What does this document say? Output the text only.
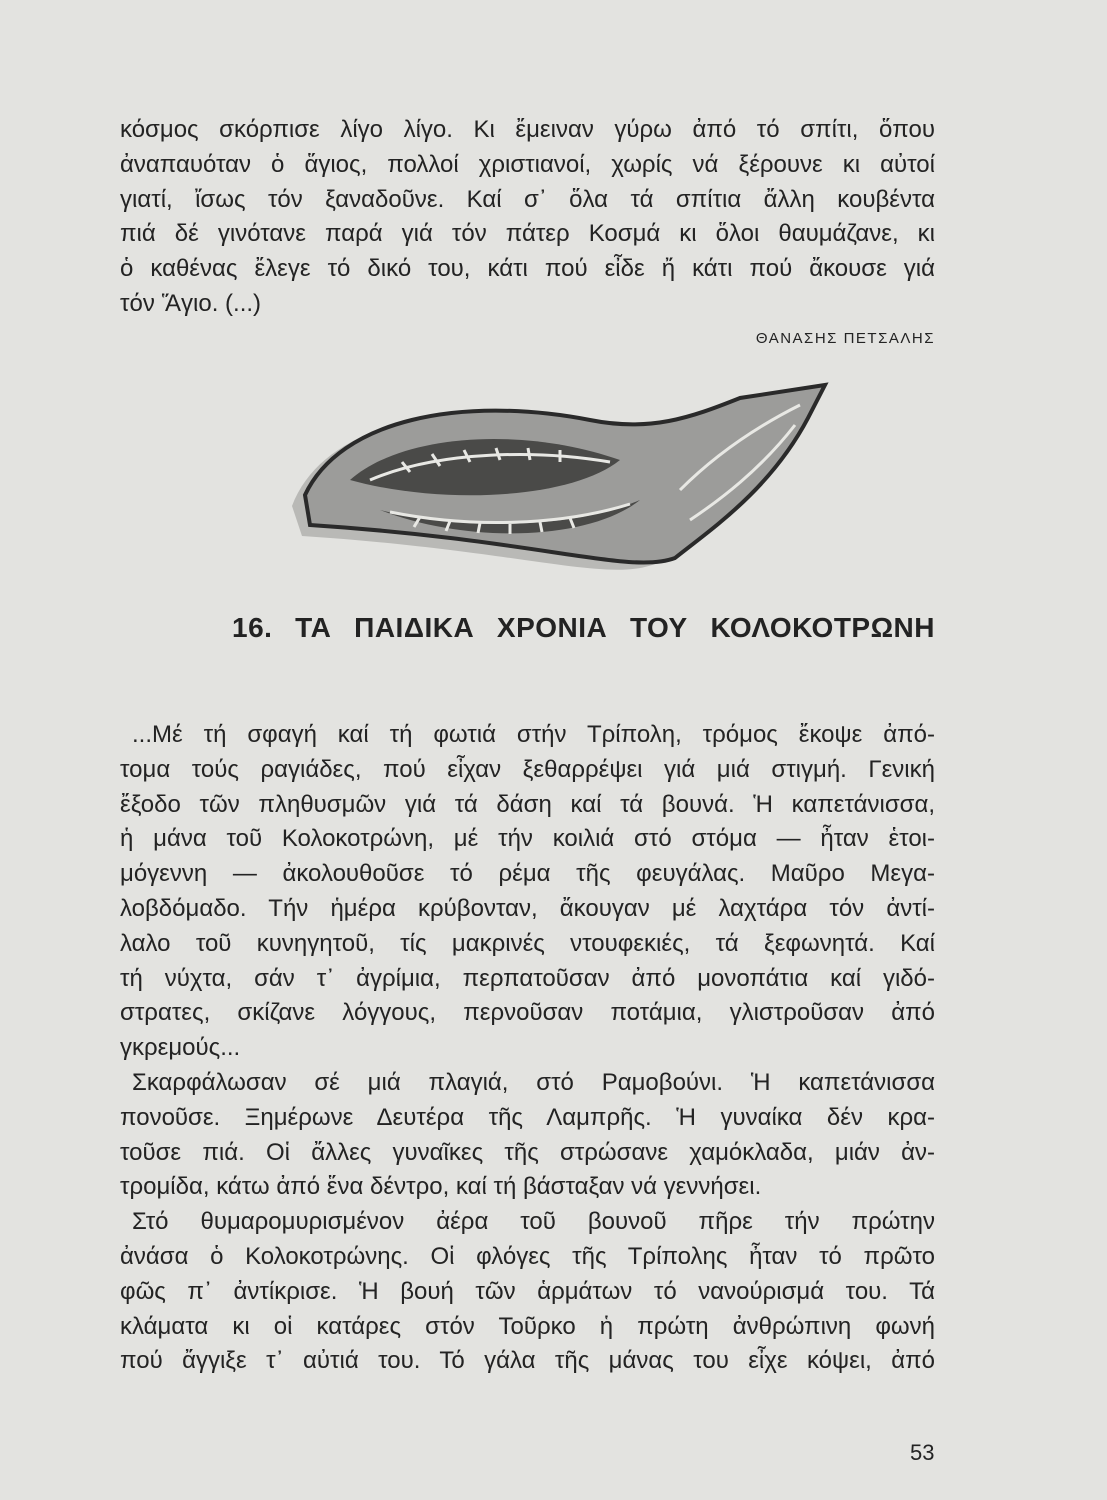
κόσμος σκόρπισε λίγο λίγο. Κι ἔμειναν γύρω ἀπό τό σπίτι, ὅπου
ἀναπαυόταν ὁ ἅγιος, πολλοί χριστιανοί, χωρίς νά ξέρουνε κι αὐτοί
γιατί, ἴσως τόν ξαναδοῦνε. Καί σ᾽ ὅλα τά σπίτια ἄλλη κουβέντα
πιά δέ γινότανε παρά γιά τόν πάτερ Κοσμά κι ὅλοι θαυμάζανε, κι
ὁ καθένας ἔλεγε τό δικό του, κάτι πού εἶδε ἤ κάτι πού ἄκουσε γιά
τόν Ἅγιο. (...)
ΘΑΝΑΣΗΣ ΠΕΤΣΑΛΗΣ
16. ΤΑ ΠΑΙΔΙΚΑ ΧΡΟΝΙΑ ΤΟΥ ΚΟΛΟΚΟΤΡΩΝΗ
...Μέ τή σφαγή καί τή φωτιά στήν Τρίπολη, τρόμος ἔκοψε ἀπό-
τομα τούς ραγιάδες, πού εἶχαν ξεθαρρέψει γιά μιά στιγμή. Γενική
ἔξοδο τῶν πληθυσμῶν γιά τά δάση καί τά βουνά. Ἡ καπετάνισσα,
ἡ μάνα τοῦ Κολοκοτρώνη, μέ τήν κοιλιά στό στόμα — ἦταν ἑτοι-
μόγεννη — ἀκολουθοῦσε τό ρέμα τῆς φευγάλας. Μαῦρο Μεγα-
λοβδόμαδο. Τήν ἡμέρα κρύβονταν, ἄκουγαν μέ λαχτάρα τόν ἀντί-
λαλο τοῦ κυνηγητοῦ, τίς μακρινές ντουφεκιές, τά ξεφωνητά. Καί
τή νύχτα, σάν τ᾽ ἀγρίμια, περπατοῦσαν ἀπό μονοπάτια καί γιδό-
στρατες, σκίζανε λόγγους, περνοῦσαν ποτάμια, γλιστροῦσαν ἀπό
γκρεμούς...
Σκαρφάλωσαν σέ μιά πλαγιά, στό Ραμοβούνι. Ἡ καπετάνισσα
πονοῦσε. Ξημέρωνε Δευτέρα τῆς Λαμπρῆς. Ἡ γυναίκα δέν κρα-
τοῦσε πιά. Οἱ ἄλλες γυναῖκες τῆς στρώσανε χαμόκλαδα, μιάν ἀν-
τρομίδα, κάτω ἀπό ἕνα δέντρο, καί τή βάσταξαν νά γεννήσει.
Στό θυμαρομυρισμένον ἀέρα τοῦ βουνοῦ πῆρε τήν πρώτην
ἀνάσα ὁ Κολοκοτρώνης. Οἱ φλόγες τῆς Τρίπολης ἦταν τό πρῶτο
φῶς π᾽ ἀντίκρισε. Ἡ βουή τῶν ἁρμάτων τό νανούρισμά του. Τά
κλάματα κι οἱ κατάρες στόν Τοῦρκο ἡ πρώτη ἀνθρώπινη φωνή
πού ἄγγιξε τ᾽ αὐτιά του. Τό γάλα τῆς μάνας του εἶχε κόψει, ἀπό
53
